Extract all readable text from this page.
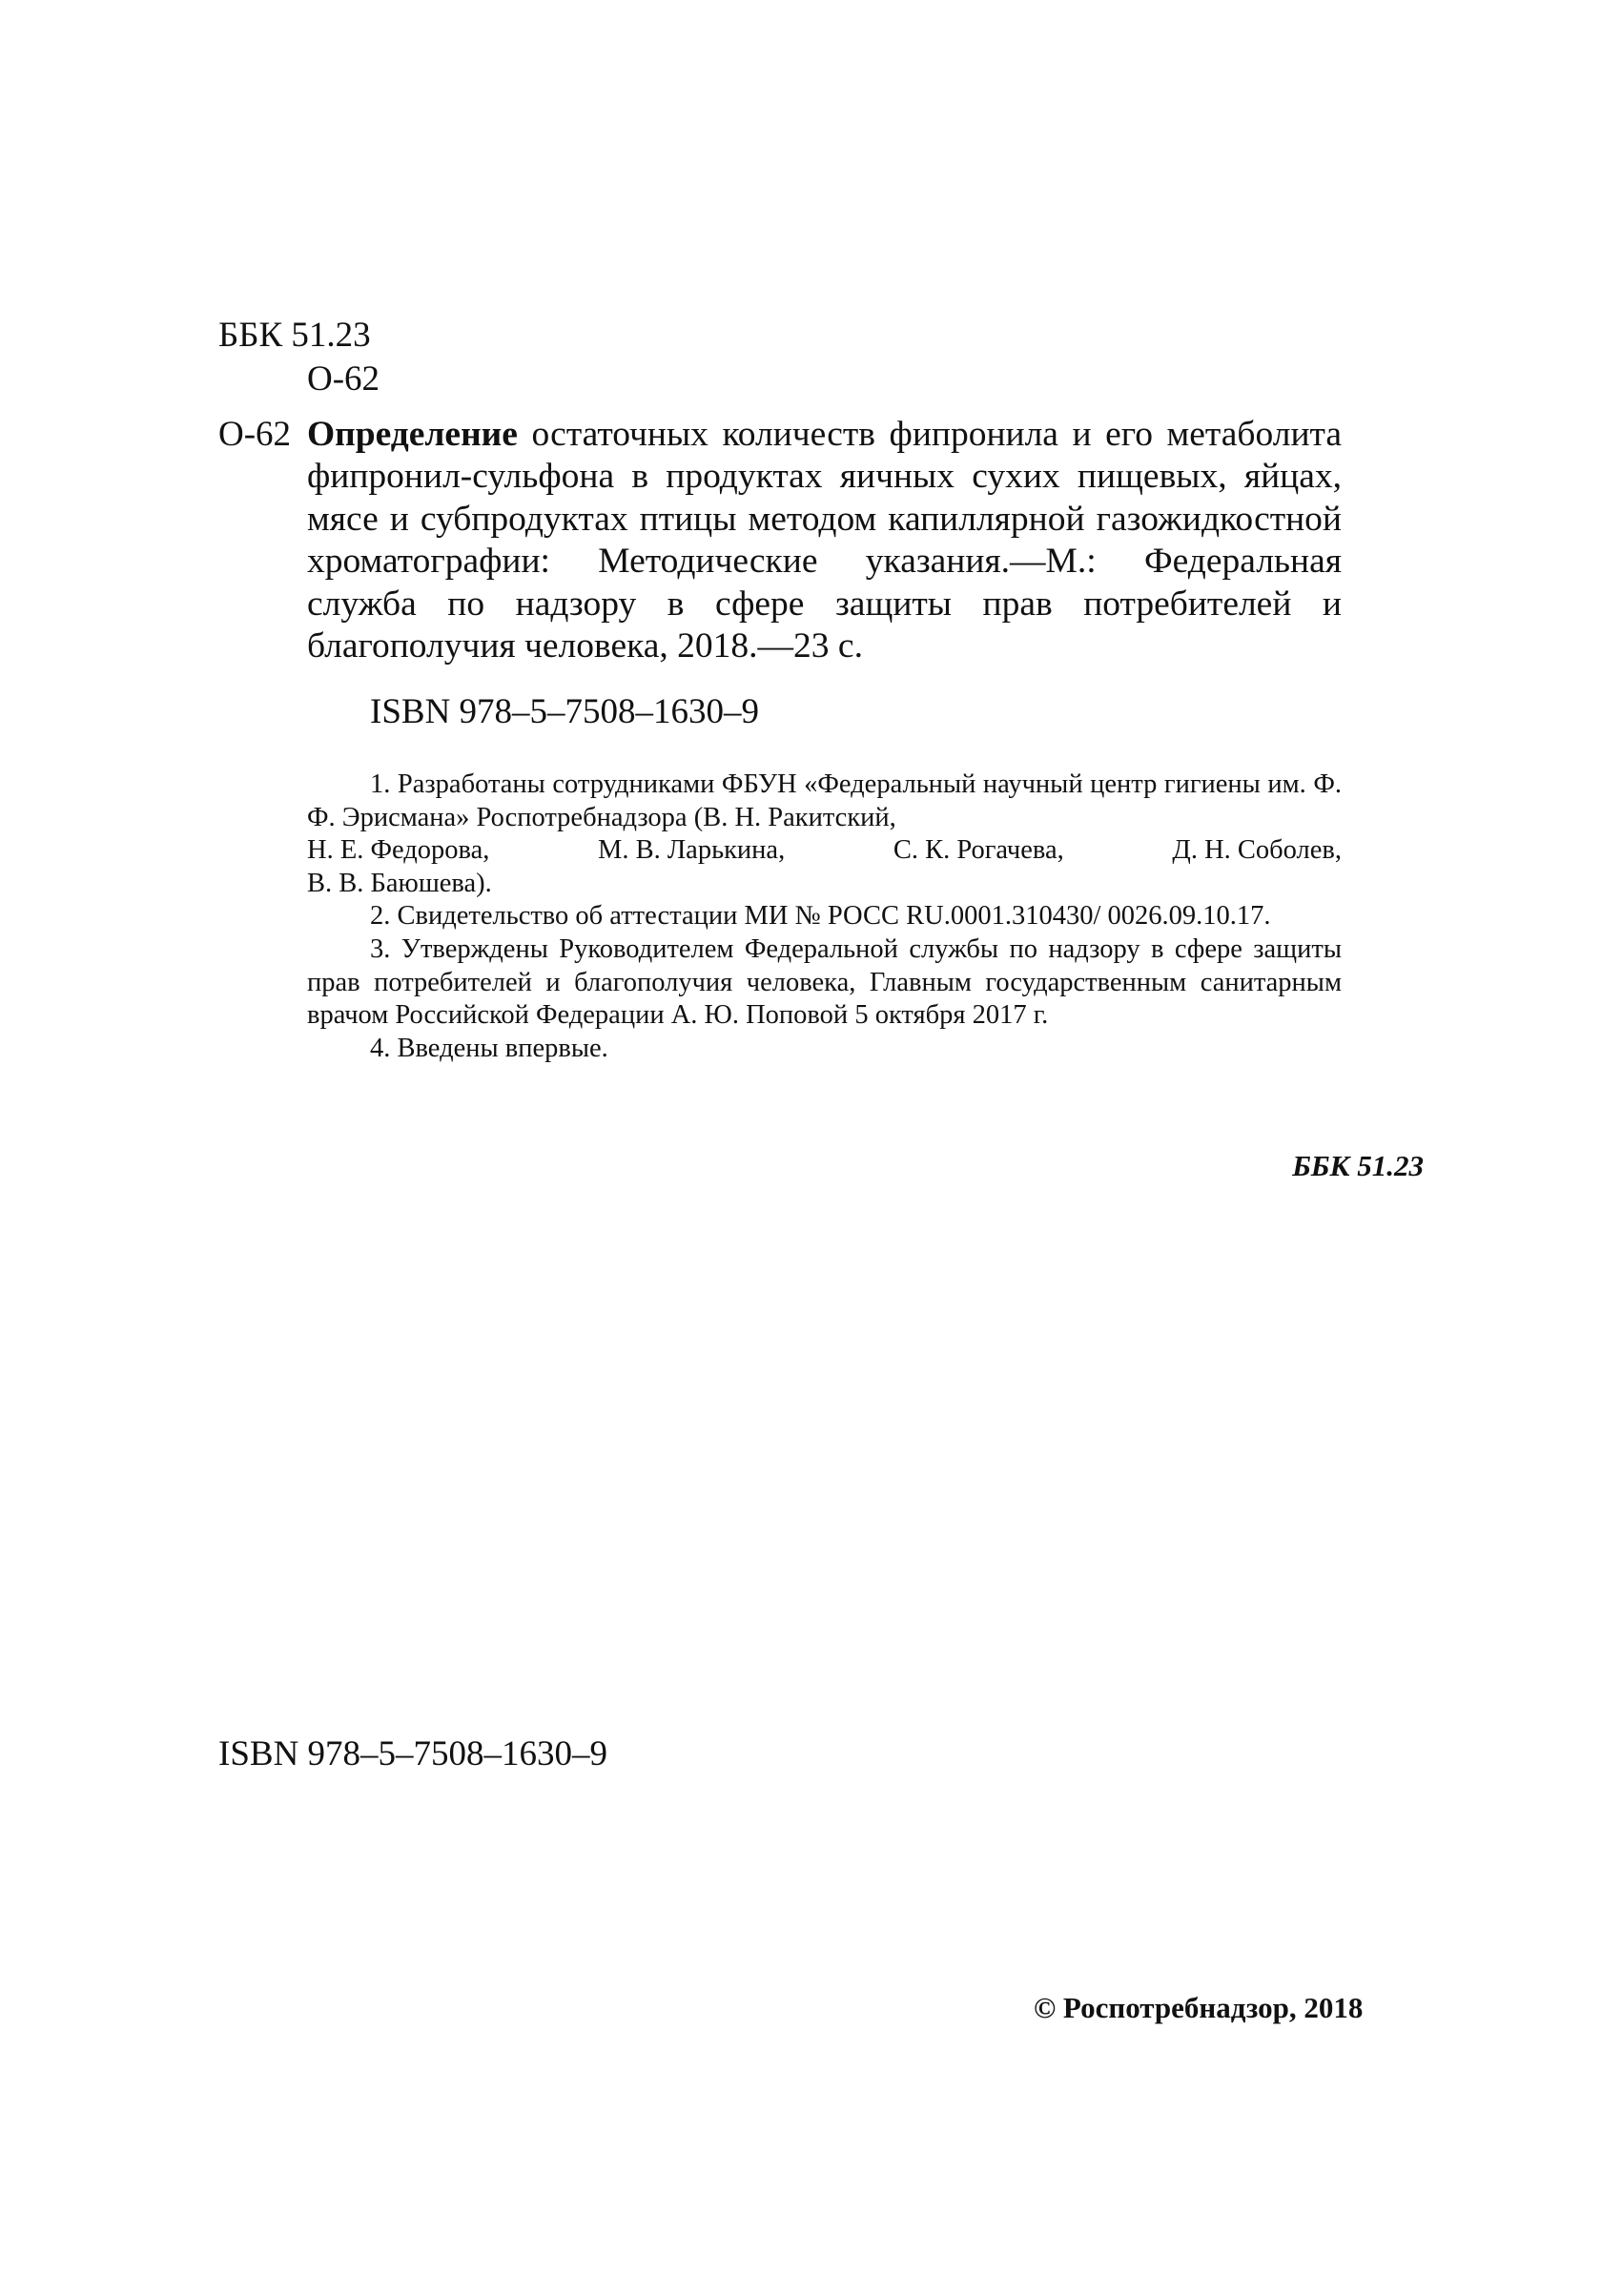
ББК 51.23
О-62
О-62 Определение остаточных количеств фипронила и его метаболита фипронил-сульфона в продуктах яичных сухих пищевых, яйцах, мясе и субпродуктах птицы методом капиллярной газожидкостной хроматографии: Методические указания.—М.: Федеральная служба по надзору в сфере защиты прав потребителей и благополучия человека, 2018.—23 с.

ISBN 978–5–7508–1630–9

1. Разработаны сотрудниками ФБУН «Федеральный научный центр гигиены им. Ф. Ф. Эрисмана» Роспотребнадзора (В. Н. Ракитский,

Н. Е. Федорова,	М. В. Ларькина,	С. К. Рогачева,	Д. Н. Соболев,
В. В. Баюшева).

2. Свидетельство об аттестации МИ № РОСС RU.0001.310430/ 0026.09.10.17.

3. Утверждены Руководителем Федеральной службы по надзору в сфере защиты прав потребителей и благополучия человека, Главным государственным санитарным врачом Российской Федерации А. Ю. Поповой 5 октября 2017 г.

4. Введены впервые.

ББК 51.23
ISBN 978–5–7508–1630–9
© Роспотребнадзор, 2018
